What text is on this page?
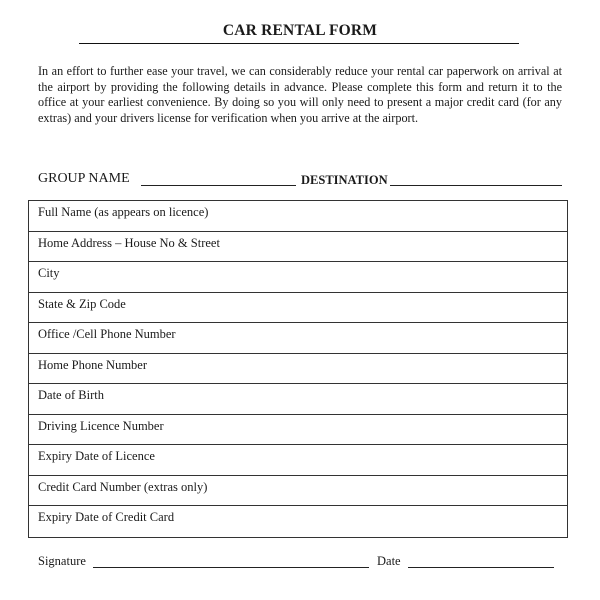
CAR RENTAL FORM

In an effort to further ease your travel, we can considerably reduce your rental car paperwork on arrival at the airport by providing the following details in advance. Please complete this form and return it to the office at your earliest convenience. By doing so you will only need to present a major credit card (for any extras) and your drivers license for verification when you arrive at the airport.

GROUP NAME	DESTINATION
Full Name (as appears on licence)
Home Address – House No & Street
City
State & Zip Code
Office /Cell Phone Number
Home Phone Number
Date of Birth
Driving Licence Number
Expiry Date of Licence
Credit Card Number (extras only)
Expiry Date of Credit Card
Signature	Date
